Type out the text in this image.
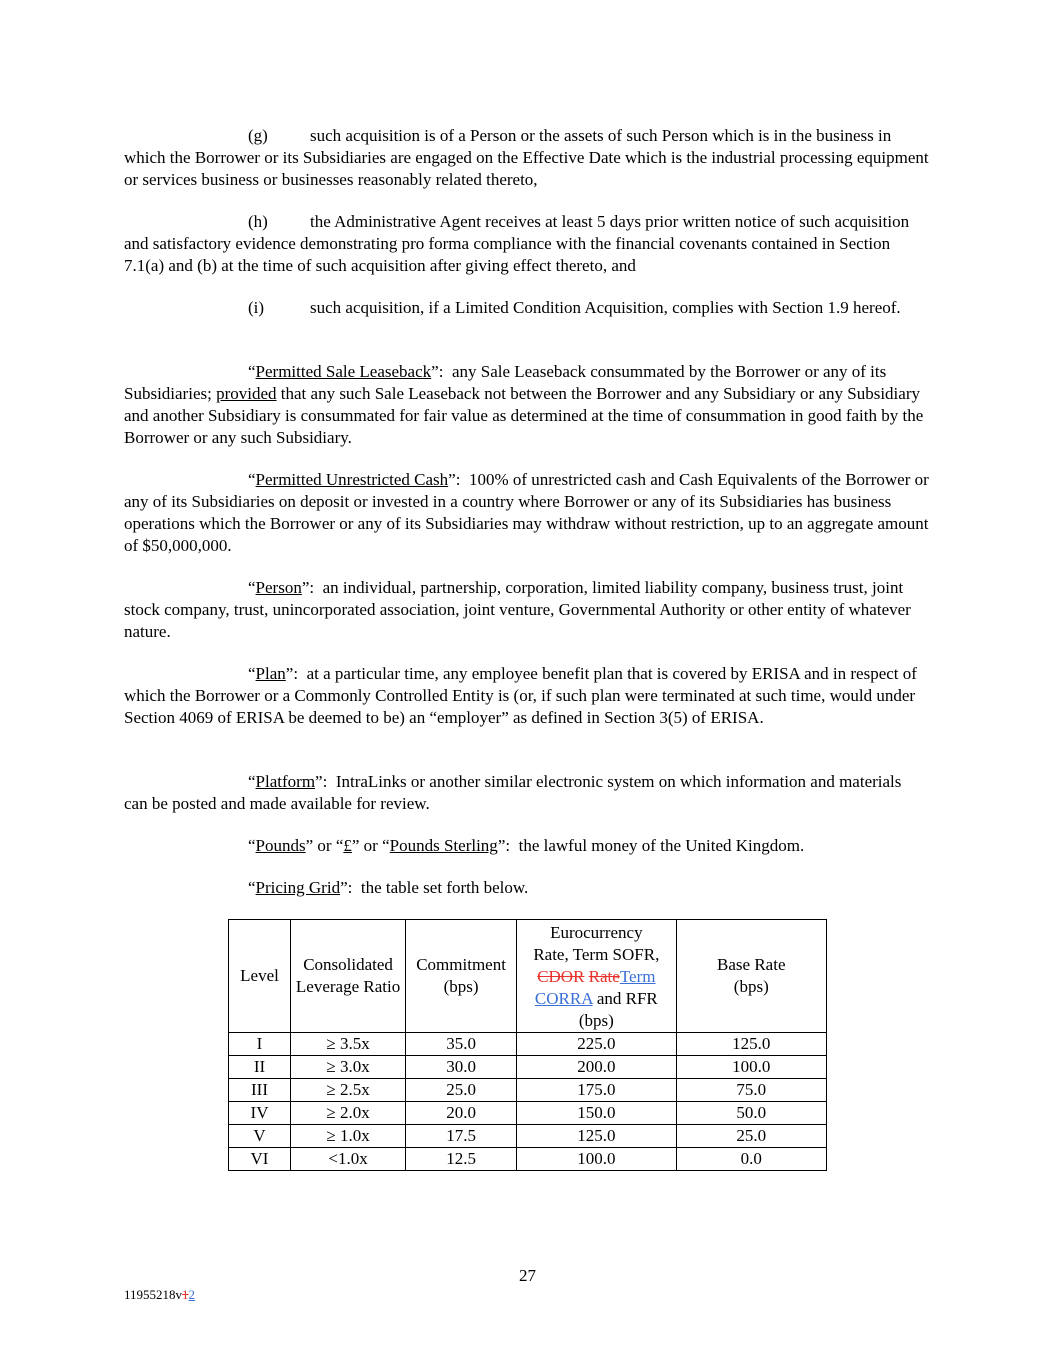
(g) such acquisition is of a Person or the assets of such Person which is in the business in which the Borrower or its Subsidiaries are engaged on the Effective Date which is the industrial processing equipment or services business or businesses reasonably related thereto,
(h) the Administrative Agent receives at least 5 days prior written notice of such acquisition and satisfactory evidence demonstrating pro forma compliance with the financial covenants contained in Section 7.1(a) and (b) at the time of such acquisition after giving effect thereto, and
(i)	such acquisition, if a Limited Condition Acquisition, complies with Section 1.9 hereof.
“Permitted Sale Leaseback”:  any Sale Leaseback consummated by the Borrower or any of its Subsidiaries; provided that any such Sale Leaseback not between the Borrower and any Subsidiary or any Subsidiary and another Subsidiary is consummated for fair value as determined at the time of consummation in good faith by the Borrower or any such Subsidiary.
“Permitted Unrestricted Cash”:  100% of unrestricted cash and Cash Equivalents of the Borrower or any of its Subsidiaries on deposit or invested in a country where Borrower or any of its Subsidiaries has business operations which the Borrower or any of its Subsidiaries may withdraw without restriction, up to an aggregate amount of $50,000,000.
“Person”:  an individual, partnership, corporation, limited liability company, business trust, joint stock company, trust, unincorporated association, joint venture, Governmental Authority or other entity of whatever nature.
“Plan”:  at a particular time, any employee benefit plan that is covered by ERISA and in respect of which the Borrower or a Commonly Controlled Entity is (or, if such plan were terminated at such time, would under Section 4069 of ERISA be deemed to be) an “employer” as defined in Section 3(5) of ERISA.
“Platform”:  IntraLinks or another similar electronic system on which information and materials can be posted and made available for review.
“Pounds” or “£” or “Pounds Sterling”:  the lawful money of the United Kingdom.
“Pricing Grid”:  the table set forth below.
Level	Consolidated Leverage Ratio	Commitment (bps)	Eurocurrency Rate, Term SOFR, CDOR RateTerm CORRA and RFR (bps)	Base Rate (bps)
I	≥ 3.5x	35.0	225.0	125.0
II	≥ 3.0x	30.0	200.0	100.0
III	≥ 2.5x	25.0	175.0	75.0
IV	≥ 2.0x	20.0	150.0	50.0
V	≥ 1.0x	17.5	125.0	25.0
VI	<1.0x	12.5	100.0	0.0
27
11955218v12
